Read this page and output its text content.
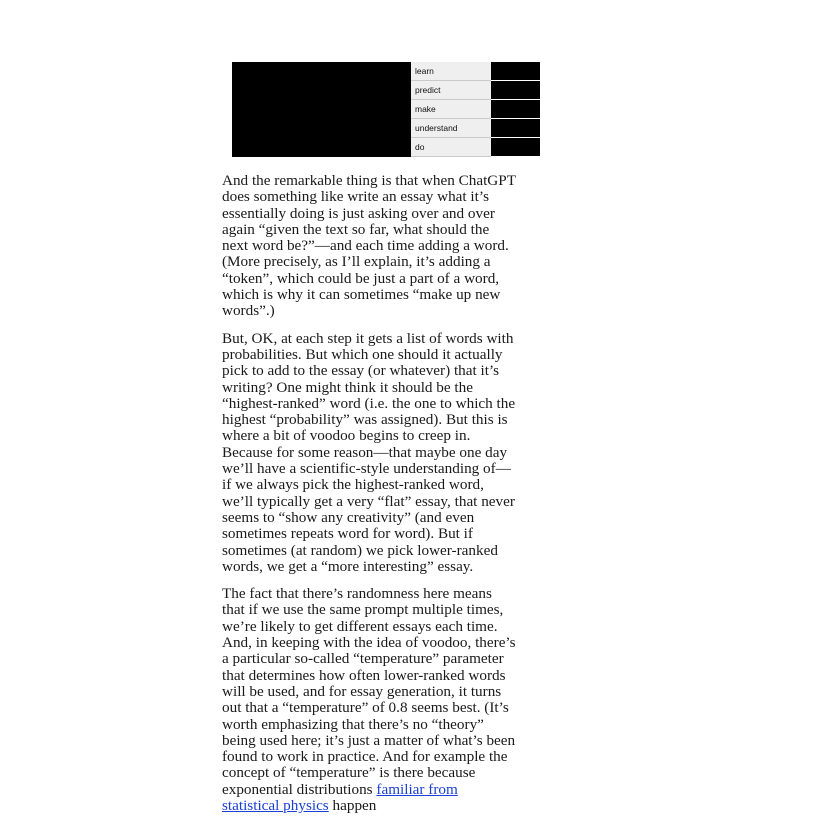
learn
predict
make
understand
do

And the remarkable thing is that when ChatGPT does something like write an essay what it’s essentially doing is just asking over and over again “given the text so far, what should the next word be?”—and each time adding a word. (More precisely, as I’ll explain, it’s adding a “token”, which could be just a part of a word, which is why it can sometimes “make up new words”.)

But, OK, at each step it gets a list of words with probabilities. But which one should it actually pick to add to the essay (or whatever) that it’s writing? One might think it should be the “highest-ranked” word (i.e. the one to which the highest “probability” was assigned). But this is where a bit of voodoo begins to creep in. Because for some reason—that maybe one day we’ll have a scientific-style understanding of—if we always pick the highest-ranked word, we’ll typically get a very “flat” essay, that never seems to “show any creativity” (and even sometimes repeats word for word). But if sometimes (at random) we pick lower-ranked words, we get a “more interesting” essay.

The fact that there’s randomness here means that if we use the same prompt multiple times, we’re likely to get different essays each time. And, in keeping with the idea of voodoo, there’s a particular so-called “temperature” parameter that determines how often lower-ranked words will be used, and for essay generation, it turns out that a “temperature” of 0.8 seems best. (It’s worth emphasizing that there’s no “theory” being used here; it’s just a matter of what’s been found to work in practice. And for example the concept of “temperature” is there because exponential distributions familiar from statistical physics happen
